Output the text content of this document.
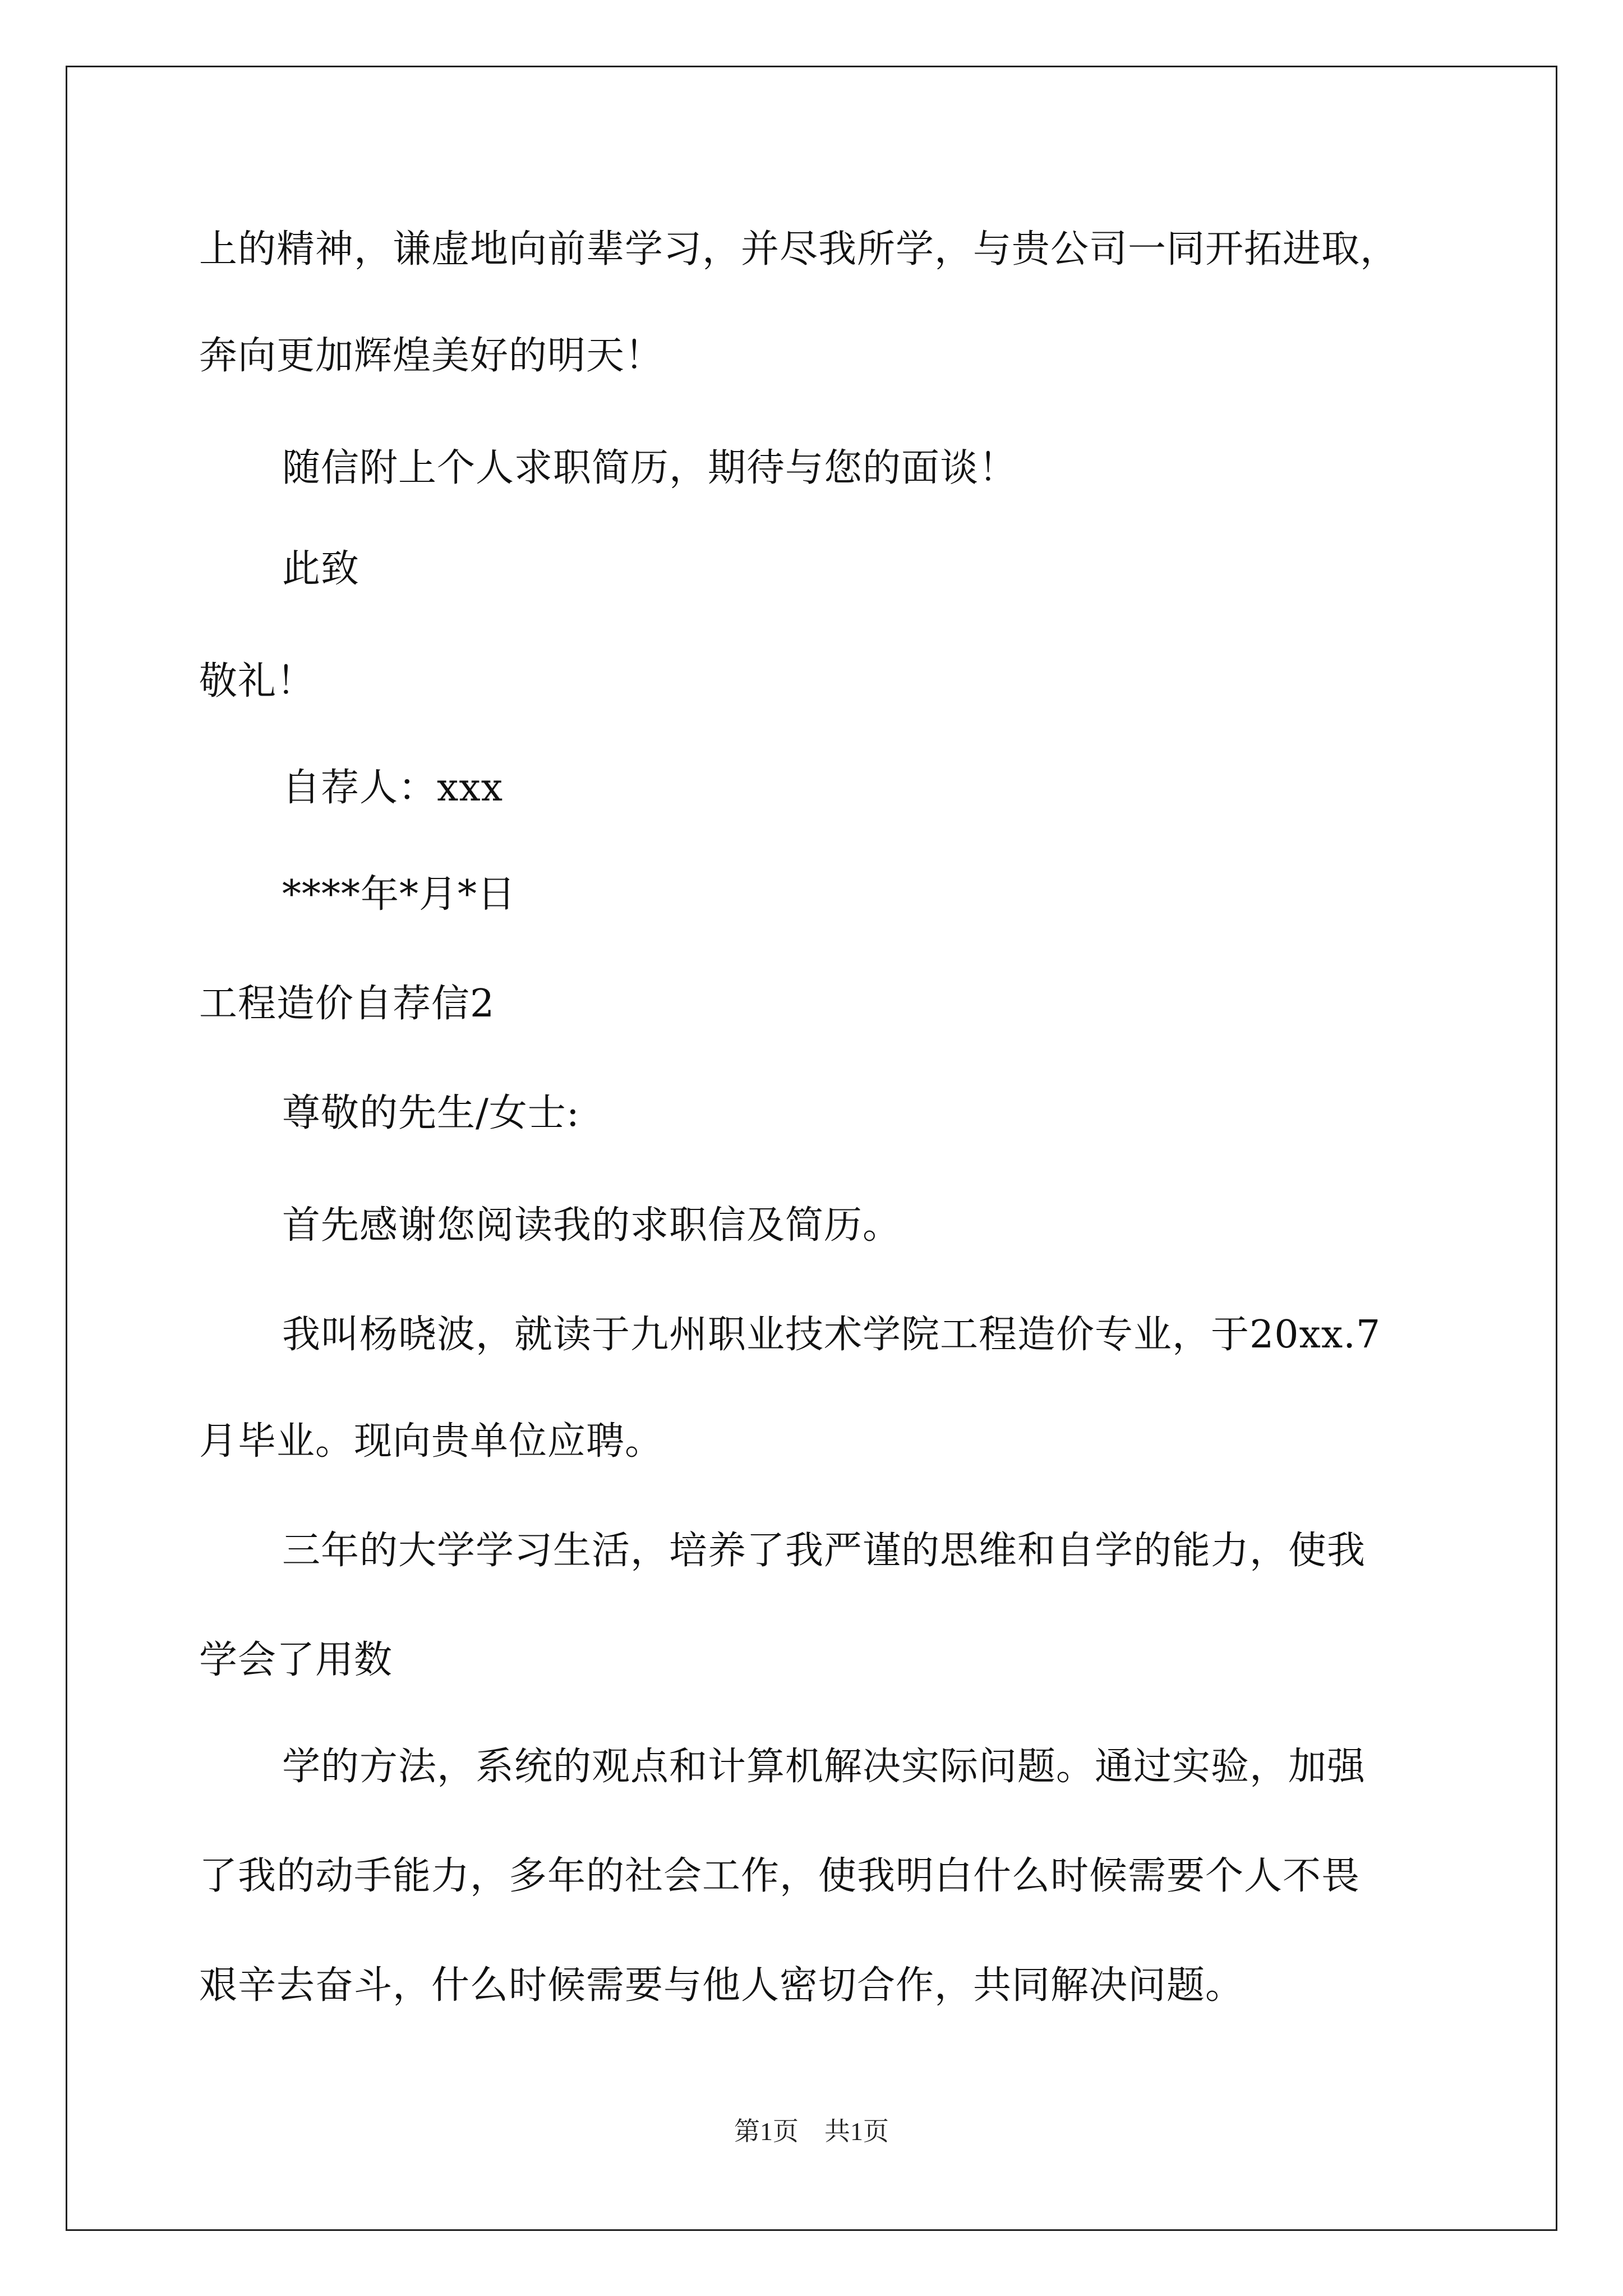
上的精神，谦虚地向前辈学习，并尽我所学，与贵公司一同开拓进取，
奔向更加辉煌美好的明天！
随信附上个人求职简历，期待与您的面谈！
此致
敬礼！
自荐人：xxx
****年*月*日
工程造价自荐信2
尊敬的先生/女士:
首先感谢您阅读我的求职信及简历。
我叫杨晓波，就读于九州职业技术学院工程造价专业，于20xx.7
月毕业。现向贵单位应聘。
三年的大学学习生活，培养了我严谨的思维和自学的能力，使我
学会了用数
学的方法，系统的观点和计算机解决实际问题。通过实验，加强
了我的动手能力，多年的社会工作，使我明白什么时候需要个人不畏
艰辛去奋斗，什么时候需要与他人密切合作，共同解决问题。
第1页　共1页
